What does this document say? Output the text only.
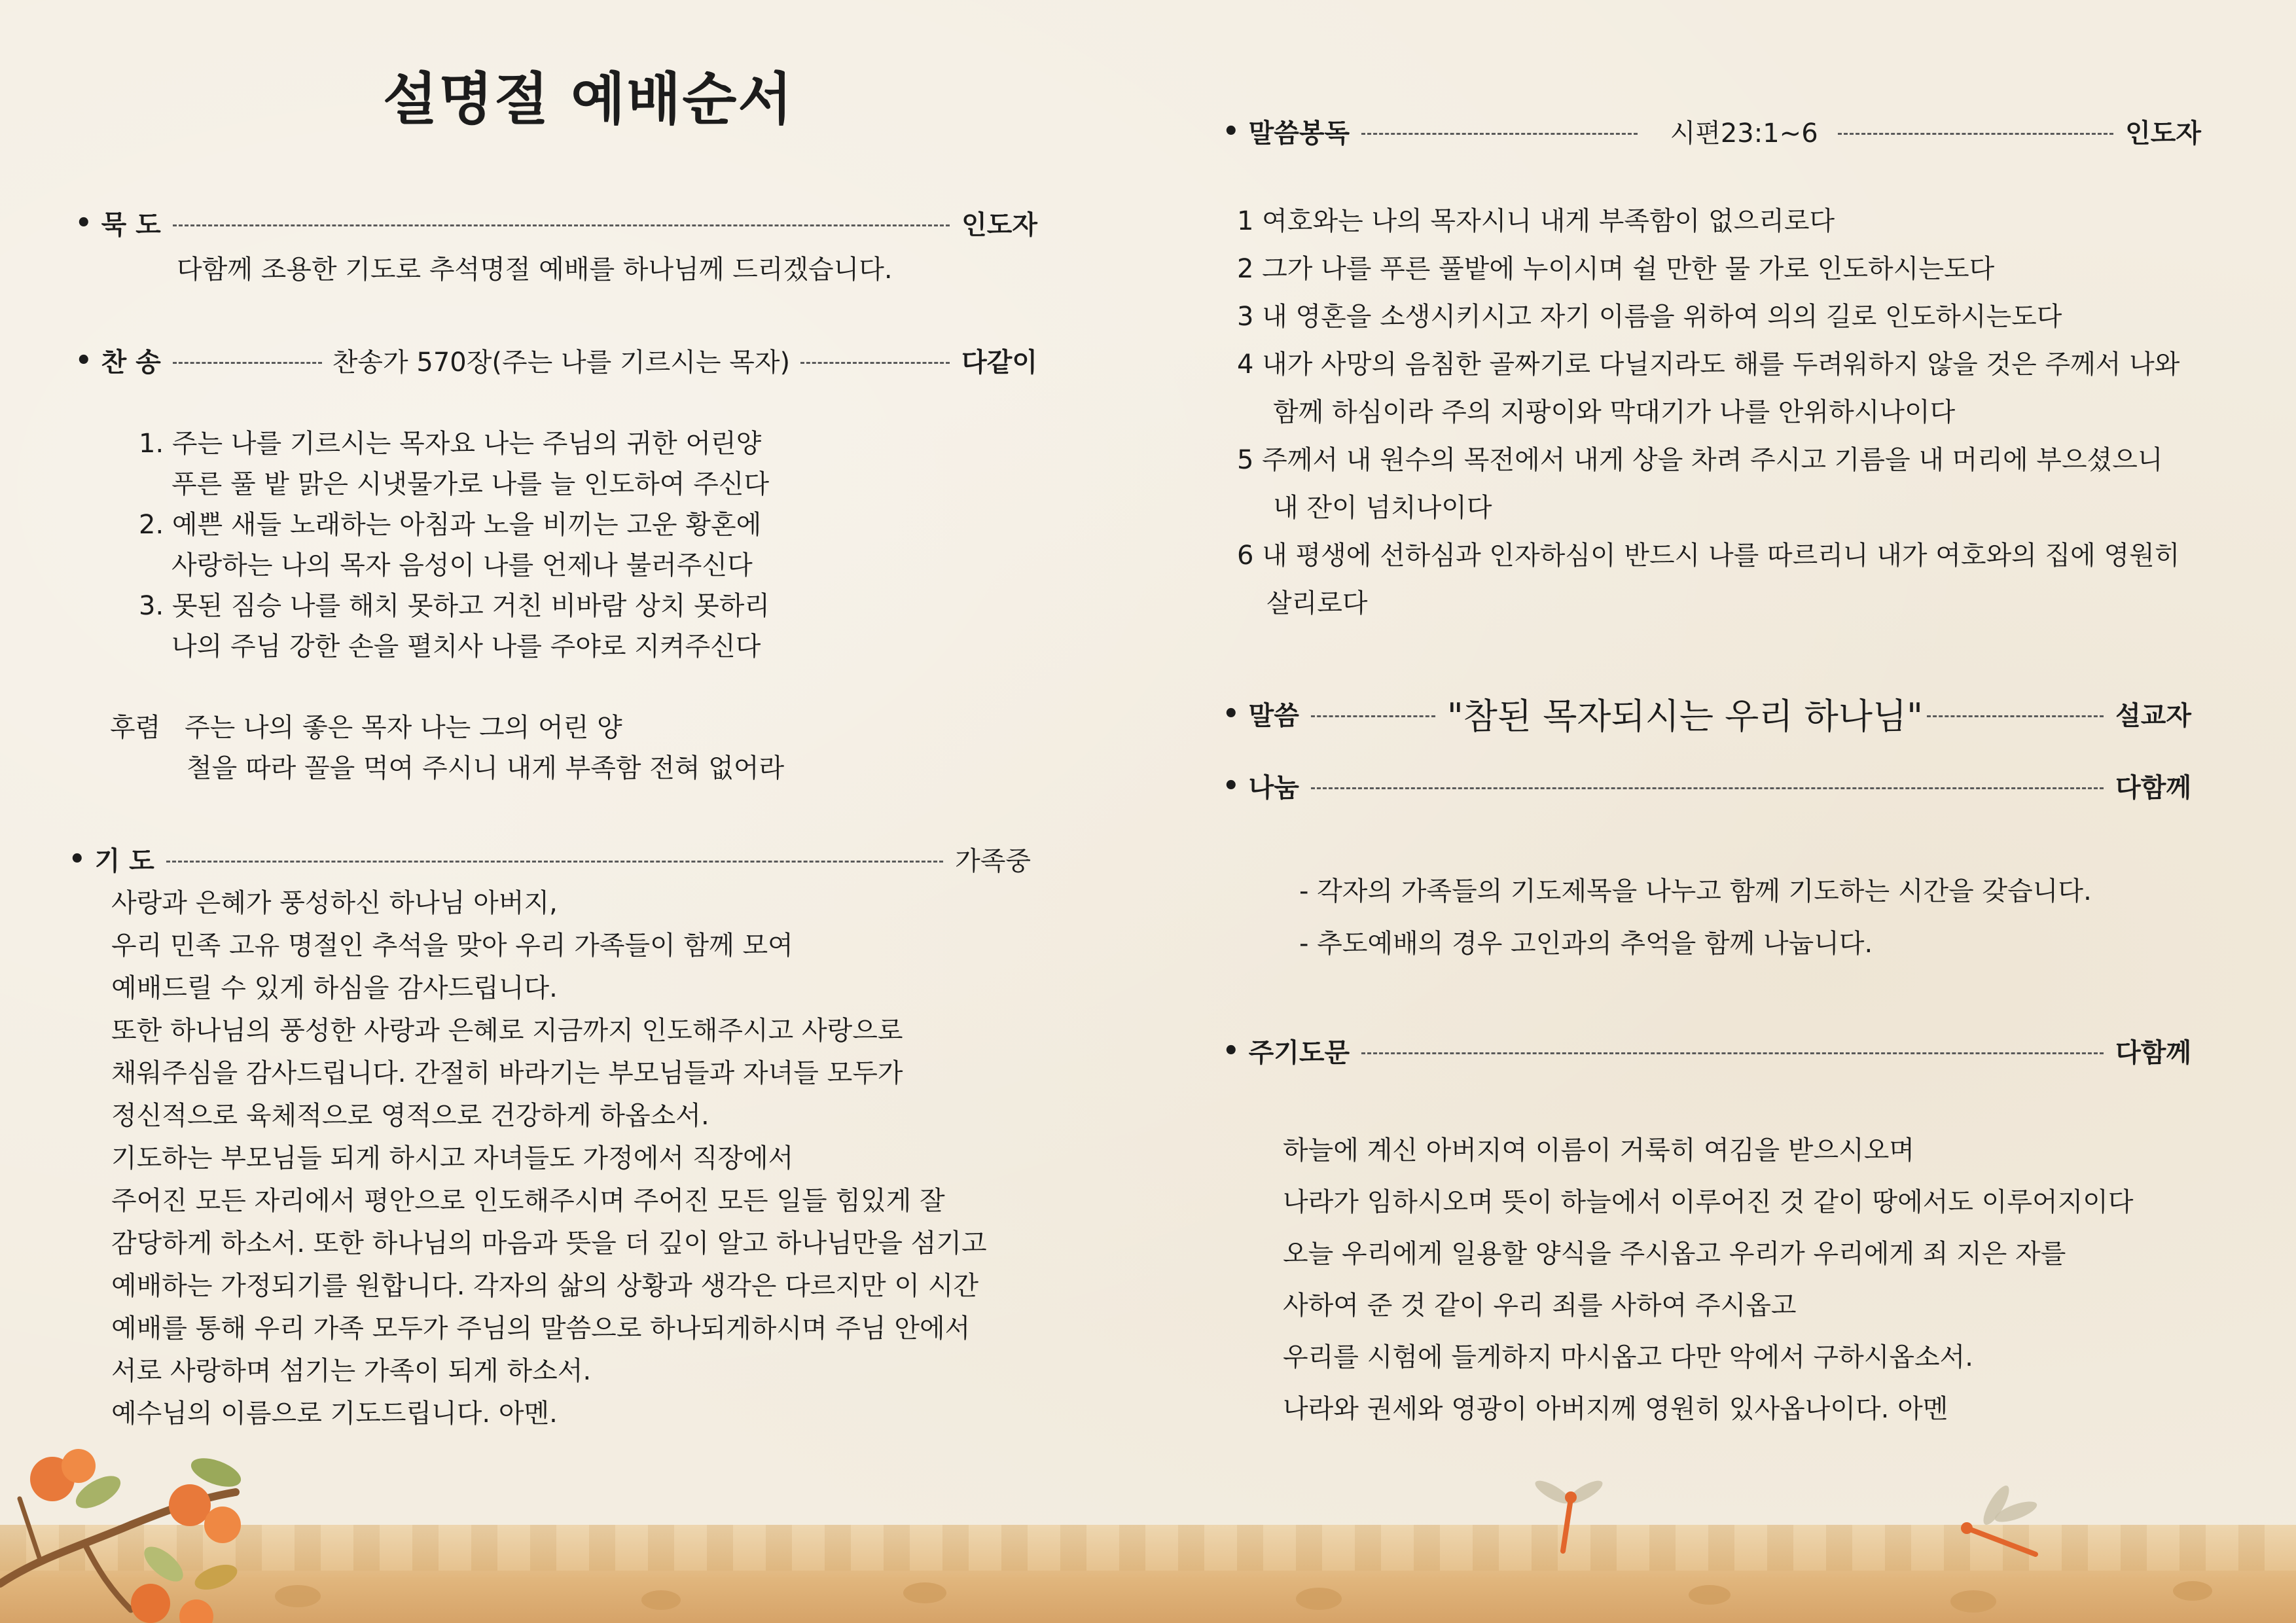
설명절 예배순서
• 묵 도	인도자
다함께 조용한 기도로 추석명절 예배를 하나님께 드리겠습니다.
• 찬 송	찬송가 570장(주는 나를 기르시는 목자)	다같이
1. 주는 나를 기르시는 목자요 나는 주님의 귀한 어린양
푸른 풀 밭 맑은 시냇물가로 나를 늘 인도하여 주신다
2. 예쁜 새들 노래하는 아침과 노을 비끼는 고운 황혼에
사랑하는 나의 목자 음성이 나를 언제나 불러주신다
3. 못된 짐승 나를 해치 못하고 거친 비바람 상치 못하리
나의 주님 강한 손을 펼치사 나를 주야로 지켜주신다
후렴 주는 나의 좋은 목자 나는 그의 어린 양
철을 따라 꼴을 먹여 주시니 내게 부족함 전혀 없어라
• 기 도	가족중
사랑과 은혜가 풍성하신 하나님 아버지,
우리 민족 고유 명절인 추석을 맞아 우리 가족들이 함께 모여
예배드릴 수 있게 하심을 감사드립니다.
또한 하나님의 풍성한 사랑과 은혜로 지금까지 인도해주시고 사랑으로
채워주심을 감사드립니다. 간절히 바라기는 부모님들과 자녀들 모두가
정신적으로 육체적으로 영적으로 건강하게 하옵소서.
기도하는 부모님들 되게 하시고 자녀들도 가정에서 직장에서
주어진 모든 자리에서 평안으로 인도해주시며 주어진 모든 일들 힘있게 잘
감당하게 하소서. 또한 하나님의 마음과 뜻을 더 깊이 알고 하나님만을 섬기고
예배하는 가정되기를 원합니다. 각자의 삶의 상황과 생각은 다르지만 이 시간
예배를 통해 우리 가족 모두가 주님의 말씀으로 하나되게하시며 주님 안에서
서로 사랑하며 섬기는 가족이 되게 하소서.
예수님의 이름으로 기도드립니다. 아멘.
• 말씀봉독	시편23:1~6	인도자
1 여호와는 나의 목자시니 내게 부족함이 없으리로다
2 그가 나를 푸른 풀밭에 누이시며 쉴 만한 물 가로 인도하시는도다
3 내 영혼을 소생시키시고 자기 이름을 위하여 의의 길로 인도하시는도다
4 내가 사망의 음침한 골짜기로 다닐지라도 해를 두려워하지 않을 것은 주께서 나와
함께 하심이라 주의 지팡이와 막대기가 나를 안위하시나이다
5 주께서 내 원수의 목전에서 내게 상을 차려 주시고 기름을 내 머리에 부으셨으니
내 잔이 넘치나이다
6 내 평생에 선하심과 인자하심이 반드시 나를 따르리니 내가 여호와의 집에 영원히
살리로다
• 말씀	"참된 목자되시는 우리 하나님"	설교자
• 나눔	다함께
- 각자의 가족들의 기도제목을 나누고 함께 기도하는 시간을 갖습니다.
- 추도예배의 경우 고인과의 추억을 함께 나눕니다.
• 주기도문	다함께
하늘에 계신 아버지여 이름이 거룩히 여김을 받으시오며
나라가 임하시오며 뜻이 하늘에서 이루어진 것 같이 땅에서도 이루어지이다
오늘 우리에게 일용할 양식을 주시옵고 우리가 우리에게 죄 지은 자를
사하여 준 것 같이 우리 죄를 사하여 주시옵고
우리를 시험에 들게하지 마시옵고 다만 악에서 구하시옵소서.
나라와 권세와 영광이 아버지께 영원히 있사옵나이다. 아멘
